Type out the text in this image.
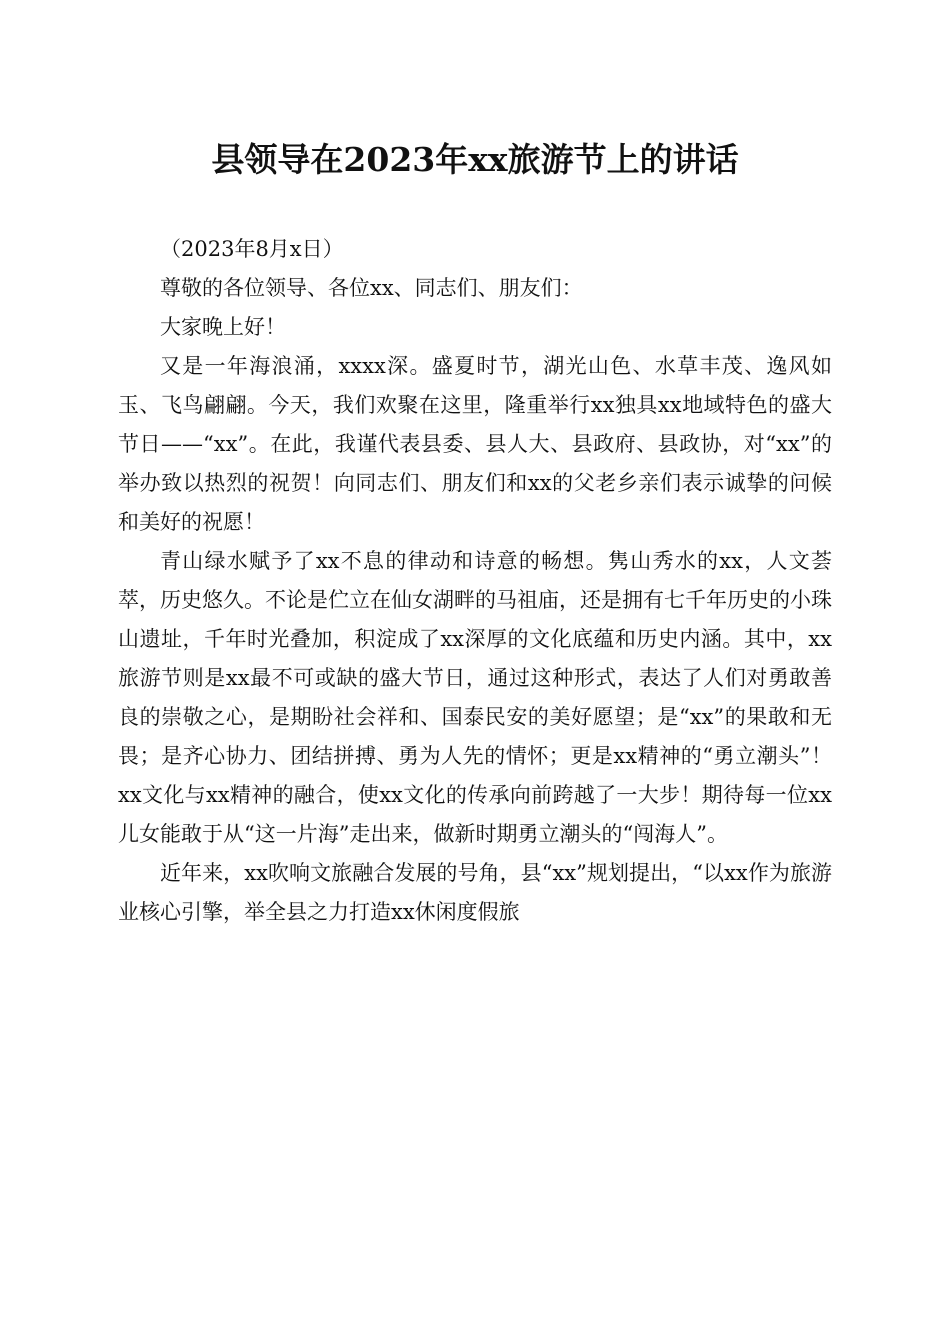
县领导在2023年xx旅游节上的讲话

（2023年8月x日）

尊敬的各位领导、各位xx、同志们、朋友们：

大家晚上好！

又是一年海浪涌，xxxx深。盛夏时节，湖光山色、水草丰茂、逸风如玉、飞鸟翩翩。今天，我们欢聚在这里，隆重举行xx独具xx地域特色的盛大节日——“xx”。在此，我谨代表县委、县人大、县政府、县政协，对“xx”的举办致以热烈的祝贺！向同志们、朋友们和xx的父老乡亲们表示诚挚的问候和美好的祝愿！

青山绿水赋予了xx不息的律动和诗意的畅想。隽山秀水的xx，人文荟萃，历史悠久。不论是伫立在仙女湖畔的马祖庙，还是拥有七千年历史的小珠山遗址，千年时光叠加，积淀成了xx深厚的文化底蕴和历史内涵。其中，xx旅游节则是xx最不可或缺的盛大节日，通过这种形式，表达了人们对勇敢善良的崇敬之心，是期盼社会祥和、国泰民安的美好愿望；是“xx”的果敢和无畏；是齐心协力、团结拼搏、勇为人先的情怀；更是xx精神的“勇立潮头”！xx文化与xx精神的融合，使xx文化的传承向前跨越了一大步！期待每一位xx儿女能敢于从“这一片海”走出来，做新时期勇立潮头的“闯海人”。

近年来，xx吹响文旅融合发展的号角，县“xx”规划提出，“以xx作为旅游业核心引擎，举全县之力打造xx休闲度假旅
